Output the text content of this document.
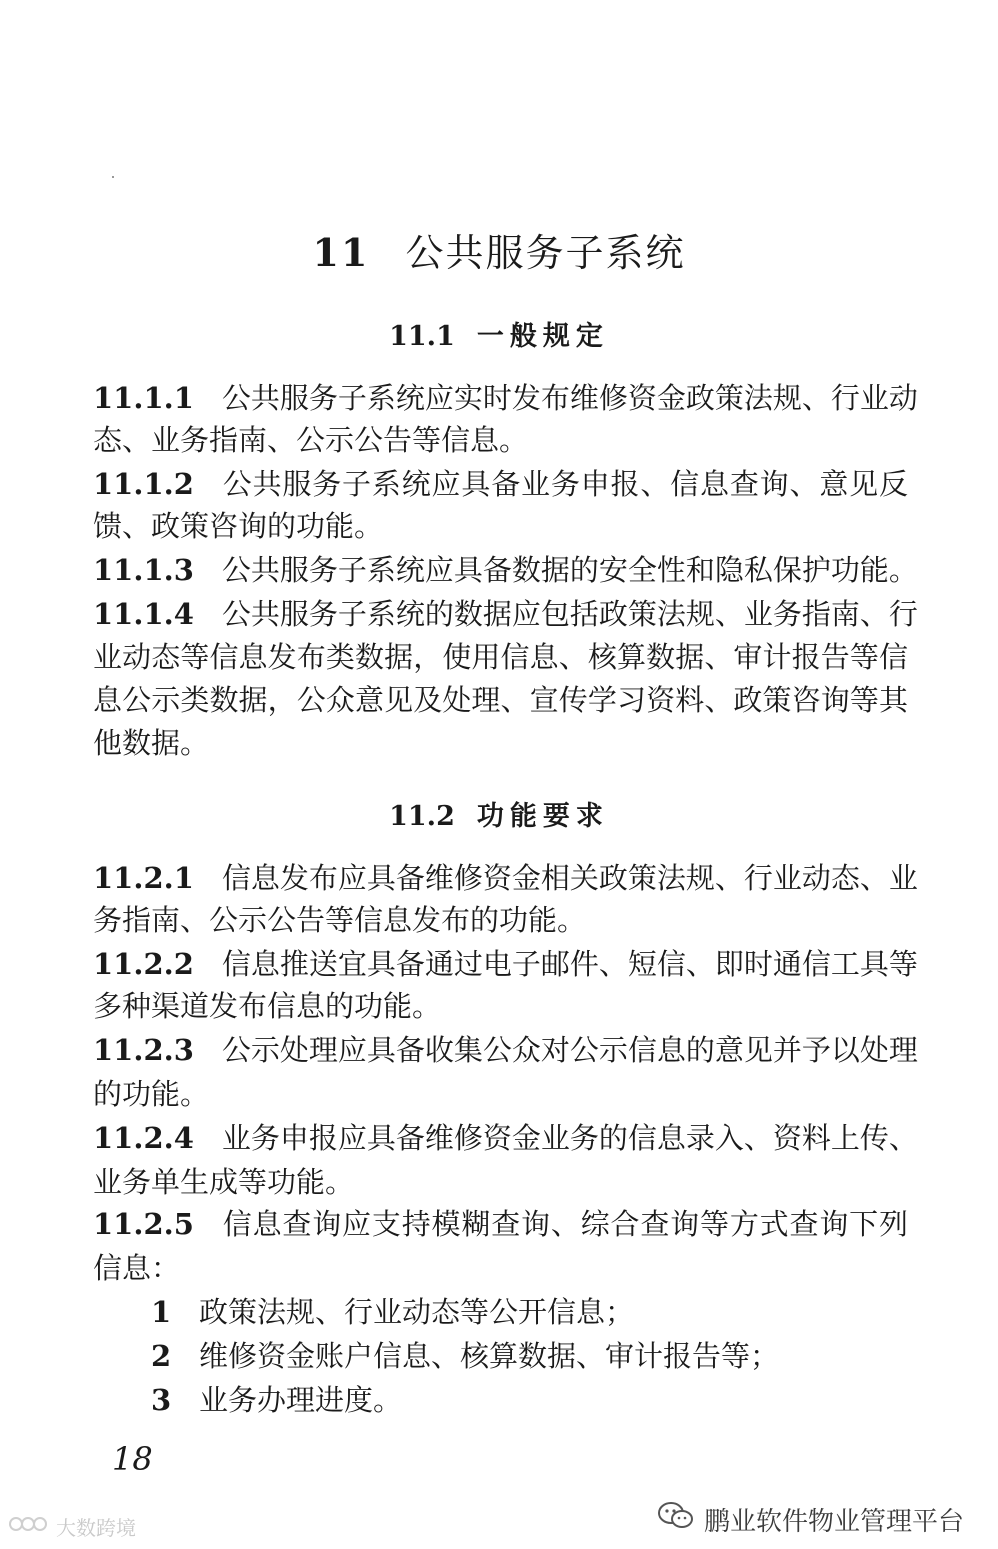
11 公共服务子系统
11.1 一般规定
11.1.1 公共服务子系统应实时发布维修资金政策法规、行业动
态、业务指南、公示公告等信息。
11.1.2 公共服务子系统应具备业务申报、信息查询、意见反
馈、政策咨询的功能。
11.1.3 公共服务子系统应具备数据的安全性和隐私保护功能。
11.1.4 公共服务子系统的数据应包括政策法规、业务指南、行
业动态等信息发布类数据，使用信息、核算数据、审计报告等信
息公示类数据，公众意见及处理、宣传学习资料、政策咨询等其
他数据。
11.2 功能要求
11.2.1 信息发布应具备维修资金相关政策法规、行业动态、业
务指南、公示公告等信息发布的功能。
11.2.2 信息推送宜具备通过电子邮件、短信、即时通信工具等
多种渠道发布信息的功能。
11.2.3 公示处理应具备收集公众对公示信息的意见并予以处理
的功能。
11.2.4 业务申报应具备维修资金业务的信息录入、资料上传、
业务单生成等功能。
11.2.5 信息查询应支持模糊查询、综合查询等方式查询下列
信息：
1 政策法规、行业动态等公开信息；
2 维修资金账户信息、核算数据、审计报告等；
3 业务办理进度。
18
大数跨境	鹏业软件物业管理平台
